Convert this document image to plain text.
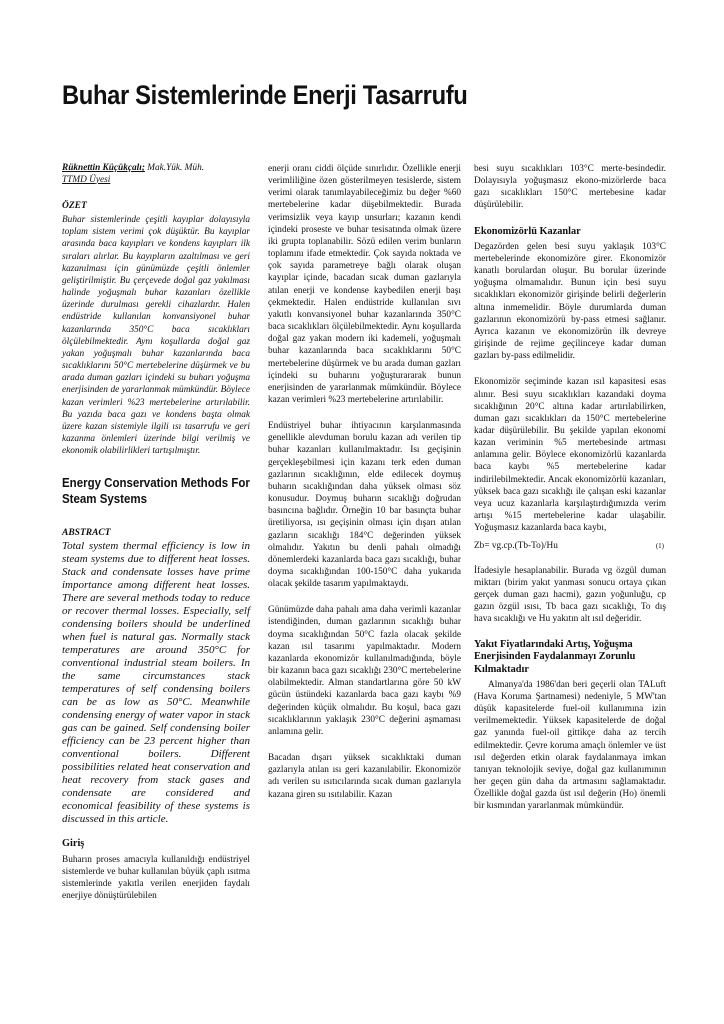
Buhar Sistemlerinde Enerji Tasarrufu

Rüknettin Küçükçalı; Mak.Yük. Müh.
TTMD Üyesi

ÖZET

Buhar sistemlerinde çeşitli kayıplar dolayısıyla toplam sistem verimi çok düşüktür. Bu kayıplar arasında baca kayıpları ve kondens kayıpları ilk sıraları alırlar. Bu kayıpların azaltılması ve geri kazanılması için günümüzde çeşitli önlemler geliştirilmiştir. Bu çerçevede doğal gaz yakılması halinde yoğuşmalı buhar kazanları özellikle üzerinde durulması gerekli cihazlardır. Halen endüstride kullanılan konvansiyonel buhar kazanlarında 350°C baca sıcaklıkları ölçülebilmektedir. Aynı koşullarda doğal gaz yakan yoğuşmalı buhar kazanlarında baca sıcaklıklarını 50°C mertebelerine düşürmek ve bu arada duman gazları içindeki su buharı yoğuşma enerjisinden de yararlanmak mümkündür. Böylece kazan verimleri %23 mertebelerine artırılabilir. Bu yazıda baca gazı ve kondens başta olmak üzere kazan sistemiyle ilgili ısı tasarrufu ve geri kazanma önlemleri üzerinde bilgi verilmiş ve ekonomik olabilirlikleri tartışılmıştır.

Energy Conservation Methods For Steam Systems
ABSTRACT

Total system thermal efficiency is low in steam systems due to different heat losses. Stack and condensate losses have prime importance among different heat losses. There are several methods today to reduce or recover thermal losses. Especially, self condensing boilers should be underlined when fuel is natural gas. Normally stack temperatures are around 350°C for conventional industrial steam boilers. In the same circumstances stack temperatures of self condensing boilers can be as low as 50°C. Meanwhile condensing energy of water vapor in stack gas can be gained. Self condensing boiler efficiency can be 23 percent higher than conventional boilers. Different possibilities related heat conservation and heat recovery from stack gases and condensate are considered and economical feasibility of these systems is discussed in this article.

Giriş

Buharın proses amacıyla kullanıldığı endüstriyel sistemlerde ve buhar kullanılan büyük çaplı ısıtma sistemlerinde yakıtla verilen enerjiden faydalı enerjiye dönüştürülebilen

enerji oranı ciddi ölçüde sınırlıdır. Özellikle enerji verimliliğine özen gösterilmeyen tesislerde, sistem verimi olarak tanımlayabileceğimiz bu değer %60 mertebelerine kadar düşebilmektedir. Burada verimsizlik veya kayıp unsurları; kazanın kendi içindeki proseste ve buhar tesisatında olmak üzere iki grupta toplanabilir. Sözü edilen verim bunların toplamını ifade etmektedir. Çok sayıda noktada ve çok sayıda parametreye bağlı olarak oluşan kayıplar içinde, bacadan sıcak duman gazlarıyla atılan enerji ve kondense kaybedilen enerji başı çekmektedir. Halen endüstride kullanılan sıvı yakıtlı konvansiyonel buhar kazanlarında 350°C baca sıcaklıkları ölçülebilmektedir. Aynı koşullarda doğal gaz yakan modern iki kademeli, yoğuşmalı buhar kazanlarında baca sıcaklıklarını 50°C mertebelerine düşürmek ve bu arada duman gazları içindeki su buharını yoğuşturararak bunun enerjisinden de yararlanmak mümkündür. Böylece kazan verimleri %23 mertebelerine artırılabilir.

Endüstriyel buhar ihtiyacının karşılanmasında genellikle alevduman borulu kazan adı verilen tip buhar kazanları kullanılmaktadır. Isı geçişinin gerçekleşebilmesi için kazanı terk eden duman gazlarının sıcaklığının, elde edilecek doymuş buharın sıcaklığından daha yüksek olması söz konusudur. Doymuş buharın sıcaklığı doğrudan basıncına bağlıdır. Örneğin 10 bar basınçta buhar üretiliyorsa, ısı geçişinin olması için dışarı atılan gazların sıcaklığı 184°C değerinden yüksek olmalıdır. Yakıtın bu denli pahalı olmadığı dönemlerdeki kazanlarda baca gazı sıcaklığı, buhar doyma sıcaklığından 100-150°C daha yukarıda olacak şekilde tasarım yapılmaktaydı.

Günümüzde daha pahalı ama daha verimli kazanlar istendiğinden, duman gazlarının sıcaklığı buhar doyma sıcaklığından 50°C fazla olacak şekilde kazan ısıl tasarımı yapılmaktadır. Modern kazanlarda ekonomizör kullanılmadığında, böyle bir kazanın baca gazı sıcaklığı 230°C mertebelerine olabilmektedir. Alman standartlarına göre 50 kW gücün üstündeki kazanlarda baca gazı kaybı %9 değerinden küçük olmalıdır. Bu koşul, baca gazı sıcaklıklarının yaklaşık 230°C değerini aşmaması anlamına gelir.

Bacadan dışarı yüksek sıcaklıktaki duman gazlarıyla atılan ısı geri kazanılabilir. Ekonomizör adı verilen su ısıtıcılarında sıcak duman gazlarıyla kazana giren su ısıtılabilir. Kazan

besi suyu sıcaklıkları 103°C merte-besindedir. Dolayısıyla yoğuşmasız ekono-mizörlerde baca gazı sıcaklıkları 150°C mertebesine kadar düşürülebilir.

Ekonomizörlü Kazanlar

Degazörden gelen besi suyu yaklaşık 103°C mertebelerinde ekonomizöre girer. Ekonomizör kanatlı borulardan oluşur. Bu borular üzerinde yoğuşma olmamalıdır. Bunun için besi suyu sıcaklıkları ekonomizör girişinde belirli değerlerin altına inmemelidir. Böyle durumlarda duman gazlarının ekonomizörü by-pass etmesi sağlanır. Ayrıca kazanın ve ekonomizörün ilk devreye girişinde de rejime geçilinceye kadar duman gazları by-pass edilmelidir.

Ekonomizör seçiminde kazan ısıl kapasitesi esas alınır. Besi suyu sıcaklıkları kazandaki doyma sıcaklığının 20°C altına kadar artırılabilirken, duman gazı sıcaklıkları da 150°C mertebelerine kadar düşürülebilir. Bu şekilde yapılan ekonomi kazan veriminin %5 mertebesinde artması anlamına gelir. Böylece ekonomizörlü kazanlarda baca kaybı %5 mertebelerine kadar indirilebilmektedir. Ancak ekonomizörlü kazanları, yüksek baca gazı sıcaklığı ile çalışan eski kazanlar veya ucuz kazanlarla karşılaştırdığımızda verim artışı %15 mertebelerine kadar ulaşabilir. Yoğuşmasız kazanlarda baca kaybı,

Zb= vg.cp.(Tb-To)/Hu	(1)

İfadesiyle hesaplanabilir. Burada vg özgül duman miktarı (birim yakıt yanması sonucu ortaya çıkan gerçek duman gazı hacmi), gazın yoğunluğu, cp gazın özgül ısısı, Tb baca gazı sıcaklığı, To dış hava sıcaklığı ve Hu yakıtın alt ısıl değeridir.

Yakıt Fiyatlarındaki Artış, Yoğuşma Enerjisinden Faydalanmayı Zorunlu Kılmaktadır

Almanya'da 1986'dan beri geçerli olan TALuft (Hava Koruma Şartnamesi) nedeniyle, 5 MW'tan düşük kapasitelerde fuel-oil kullanımına izin verilmemektedir. Yüksek kapasitelerde de doğal gaz yanında fuel-oil gittikçe daha az tercih edilmektedir. Çevre koruma amaçlı önlemler ve üst ısıl değerden etkin olarak faydalanmaya imkan tanıyan teknolojik seviye, doğal gaz kullanımının her geçen gün daha da artmasını sağlamaktadır. Özellikle doğal gazda üst ısıl değerin (Ho) önemli bir kısmından yararlanmak mümkündür.
